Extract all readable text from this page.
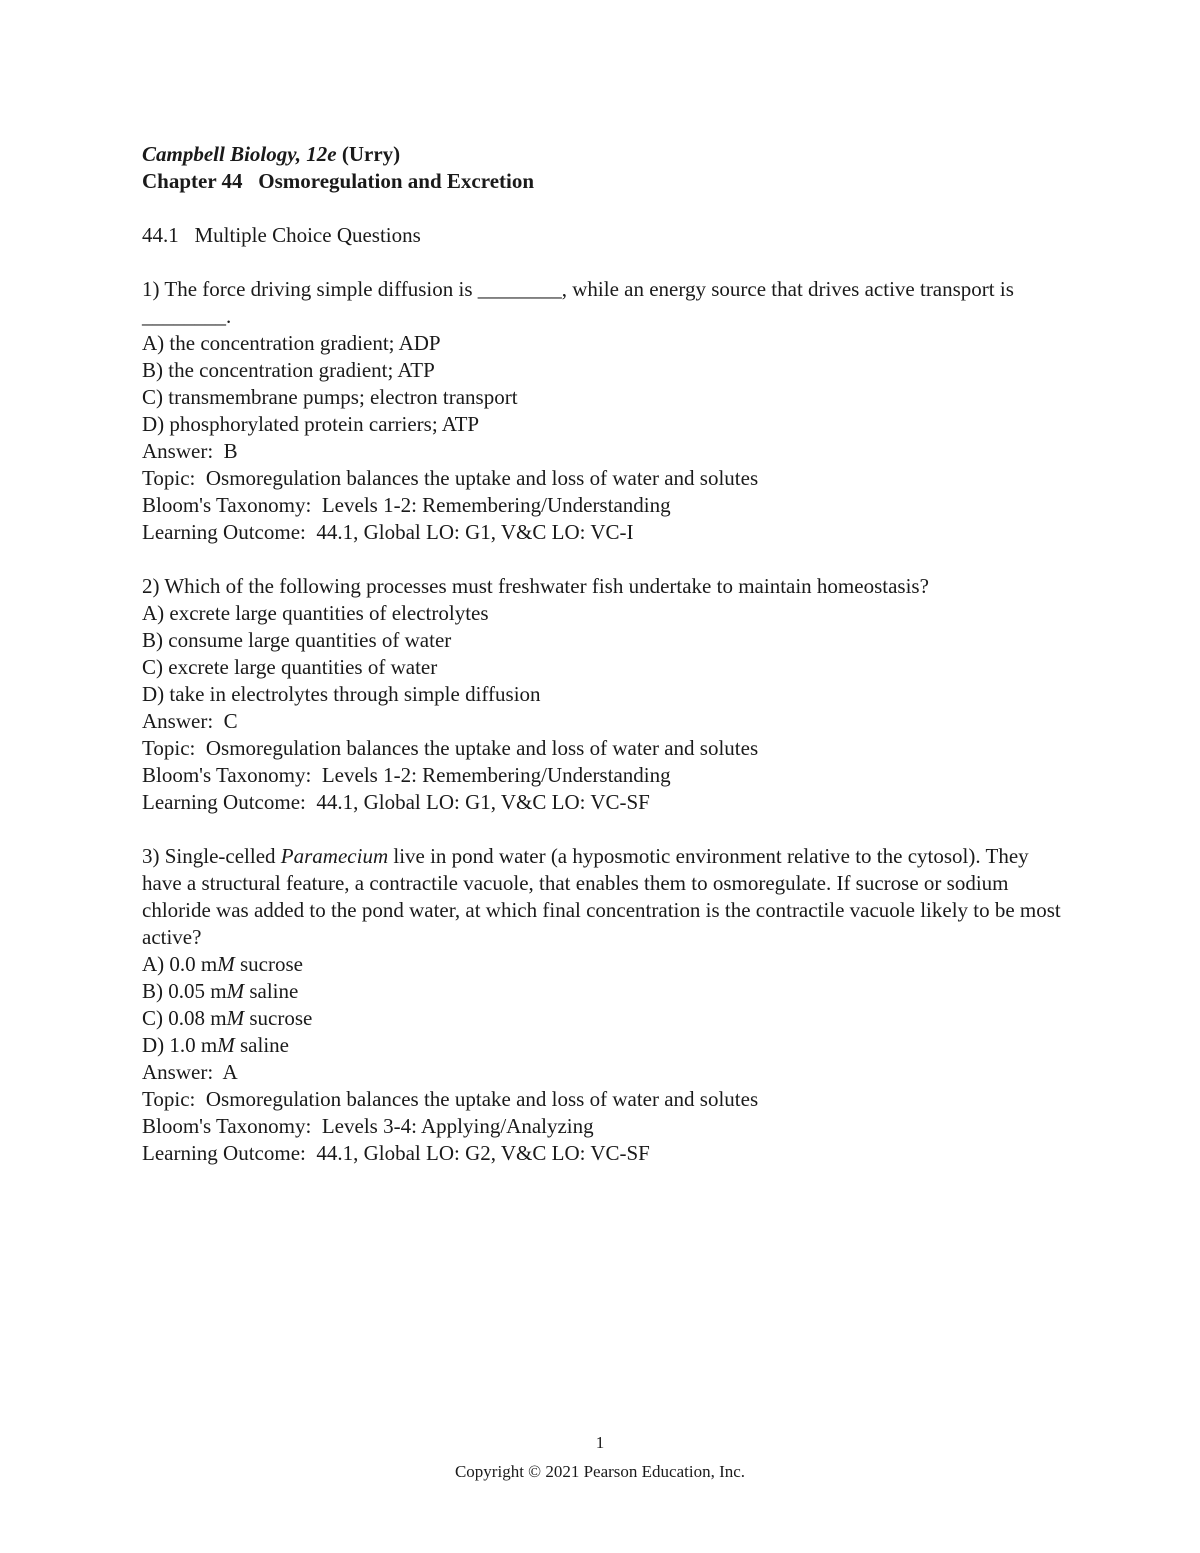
Campbell Biology, 12e (Urry)
Chapter 44   Osmoregulation and Excretion
44.1   Multiple Choice Questions
1) The force driving simple diffusion is ________, while an energy source that drives active transport is ________.
A) the concentration gradient; ADP
B) the concentration gradient; ATP
C) transmembrane pumps; electron transport
D) phosphorylated protein carriers; ATP
Answer:  B
Topic:  Osmoregulation balances the uptake and loss of water and solutes
Bloom's Taxonomy:  Levels 1-2: Remembering/Understanding
Learning Outcome:  44.1, Global LO: G1, V&C LO: VC-I
2) Which of the following processes must freshwater fish undertake to maintain homeostasis?
A) excrete large quantities of electrolytes
B) consume large quantities of water
C) excrete large quantities of water
D) take in electrolytes through simple diffusion
Answer:  C
Topic:  Osmoregulation balances the uptake and loss of water and solutes
Bloom's Taxonomy:  Levels 1-2: Remembering/Understanding
Learning Outcome:  44.1, Global LO: G1, V&C LO: VC-SF
3) Single-celled Paramecium live in pond water (a hyposmotic environment relative to the cytosol). They have a structural feature, a contractile vacuole, that enables them to osmoregulate. If sucrose or sodium chloride was added to the pond water, at which final concentration is the contractile vacuole likely to be most active?
A) 0.0 mM sucrose
B) 0.05 mM saline
C) 0.08 mM sucrose
D) 1.0 mM saline
Answer:  A
Topic:  Osmoregulation balances the uptake and loss of water and solutes
Bloom's Taxonomy:  Levels 3-4: Applying/Analyzing
Learning Outcome:  44.1, Global LO: G2, V&C LO: VC-SF
1
Copyright © 2021 Pearson Education, Inc.
